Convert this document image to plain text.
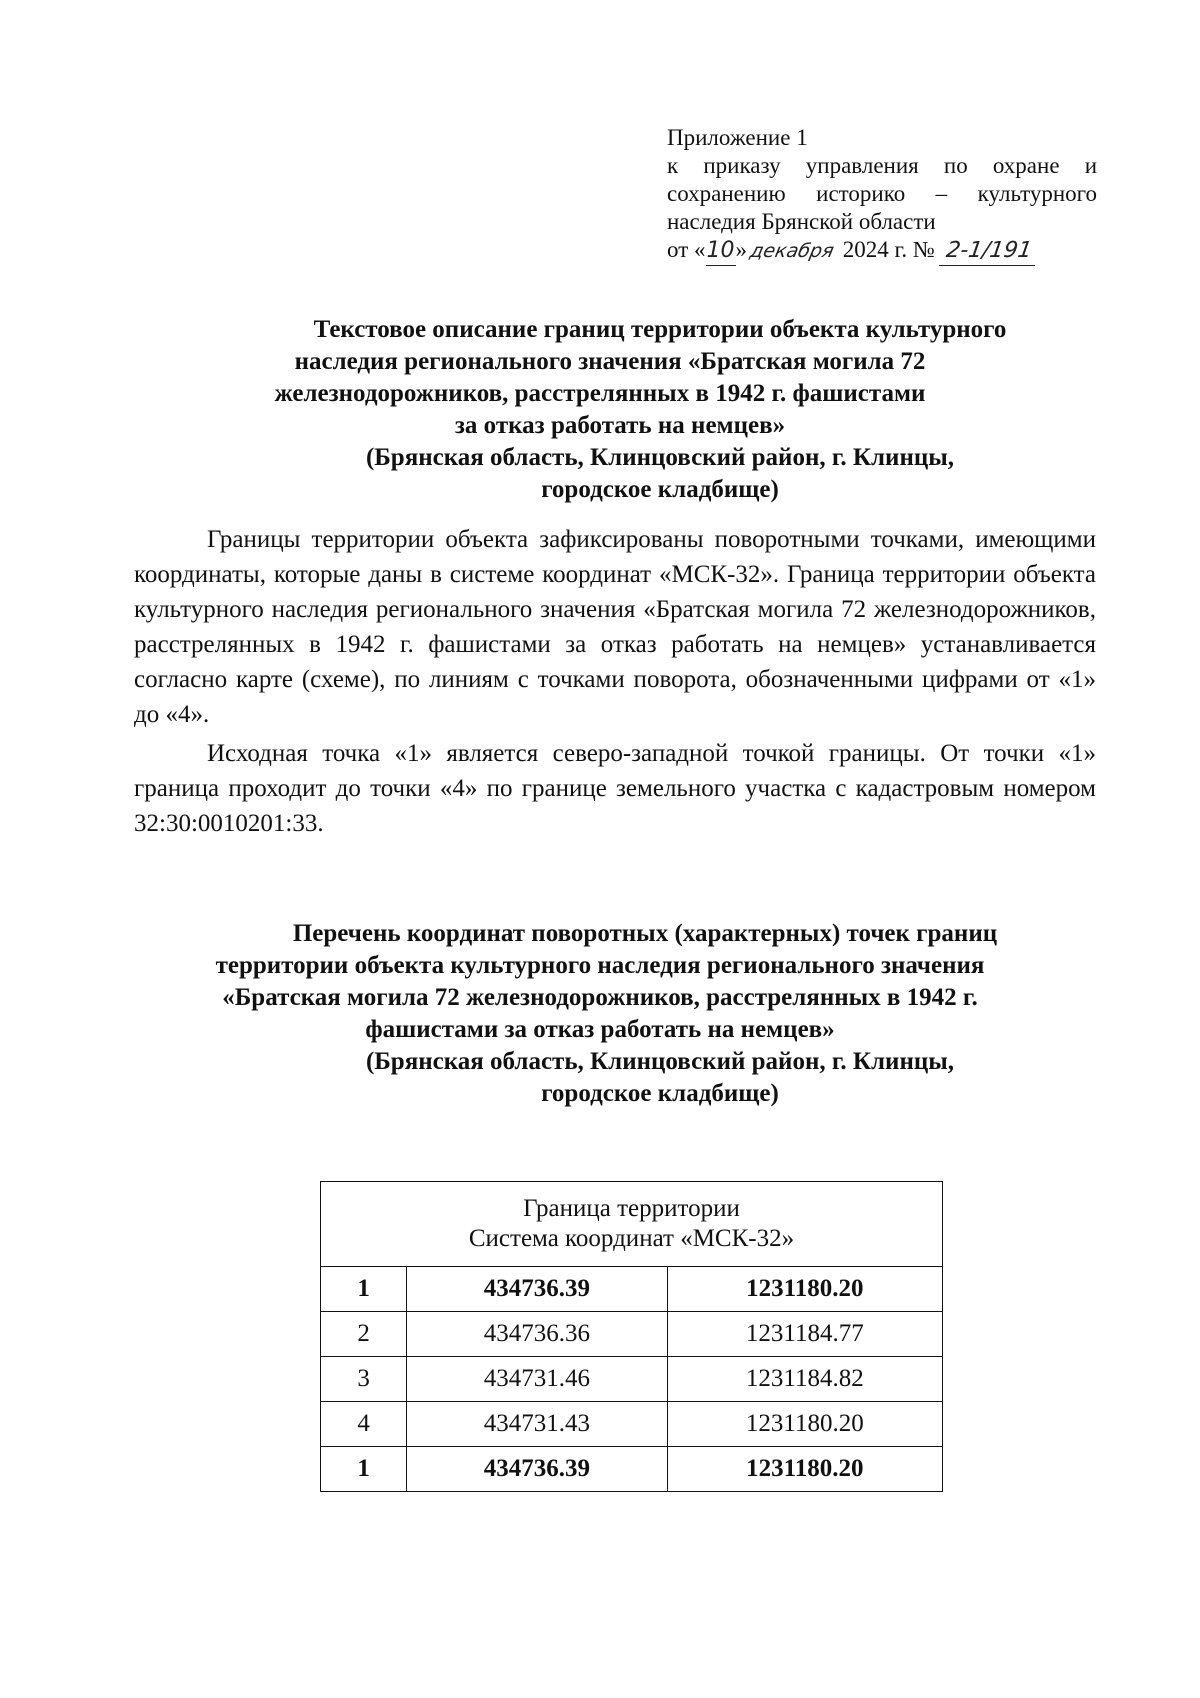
Приложение 1
к приказу управления по охране и
сохранению историко – культурного
наследия Брянской области
от «10»декабря 2024 г. № 2-1/191
Текстовое описание границ территории объекта культурного
наследия регионального значения «Братская могила 72
железнодорожников, расстрелянных в 1942 г. фашистами
за отказ работать на немцев»
(Брянская область, Клинцовский район, г. Клинцы,
городское кладбище)

Границы территории объекта зафиксированы поворотными точками, имеющими координаты, которые даны в системе координат «МСК-32». Граница территории объекта культурного наследия регионального значения «Братская могила 72 железнодорожников, расстрелянных в 1942 г. фашистами за отказ работать на немцев» устанавливается согласно карте (схеме), по линиям с точками поворота, обозначенными цифрами от «1» до «4».

Исходная точка «1» является северо-западной точкой границы. От точки «1» граница проходит до точки «4» по границе земельного участка с кадастровым номером 32:30:0010201:33.

Перечень координат поворотных (характерных) точек границ
территории объекта культурного наследия регионального значения
«Братская могила 72 железнодорожников, расстрелянных в 1942 г.
фашистами за отказ работать на немцев»
(Брянская область, Клинцовский район, г. Клинцы,
городское кладбище)
Граница территории
Система координат «МСК-32»		

1	434736.39	1231180.20
2	434736.36	1231184.77
3	434731.46	1231184.82
4	434731.43	1231180.20
1	434736.39	1231180.20
